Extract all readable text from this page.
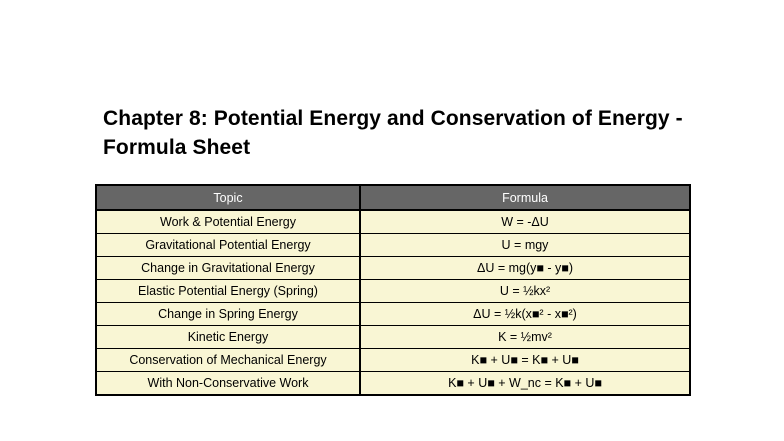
Chapter 8: Potential Energy and Conservation of Energy - Formula Sheet
Topic	Formula
Work & Potential Energy	W = -ΔU
Gravitational Potential Energy	U = mgy
Change in Gravitational Energy	ΔU = mg(y■ - y■)
Elastic Potential Energy (Spring)	U = ½kx²
Change in Spring Energy	ΔU = ½k(x■² - x■²)
Kinetic Energy	K = ½mv²
Conservation of Mechanical Energy	K■ + U■ = K■ + U■
With Non-Conservative Work	K■ + U■ + W_nc = K■ + U■
